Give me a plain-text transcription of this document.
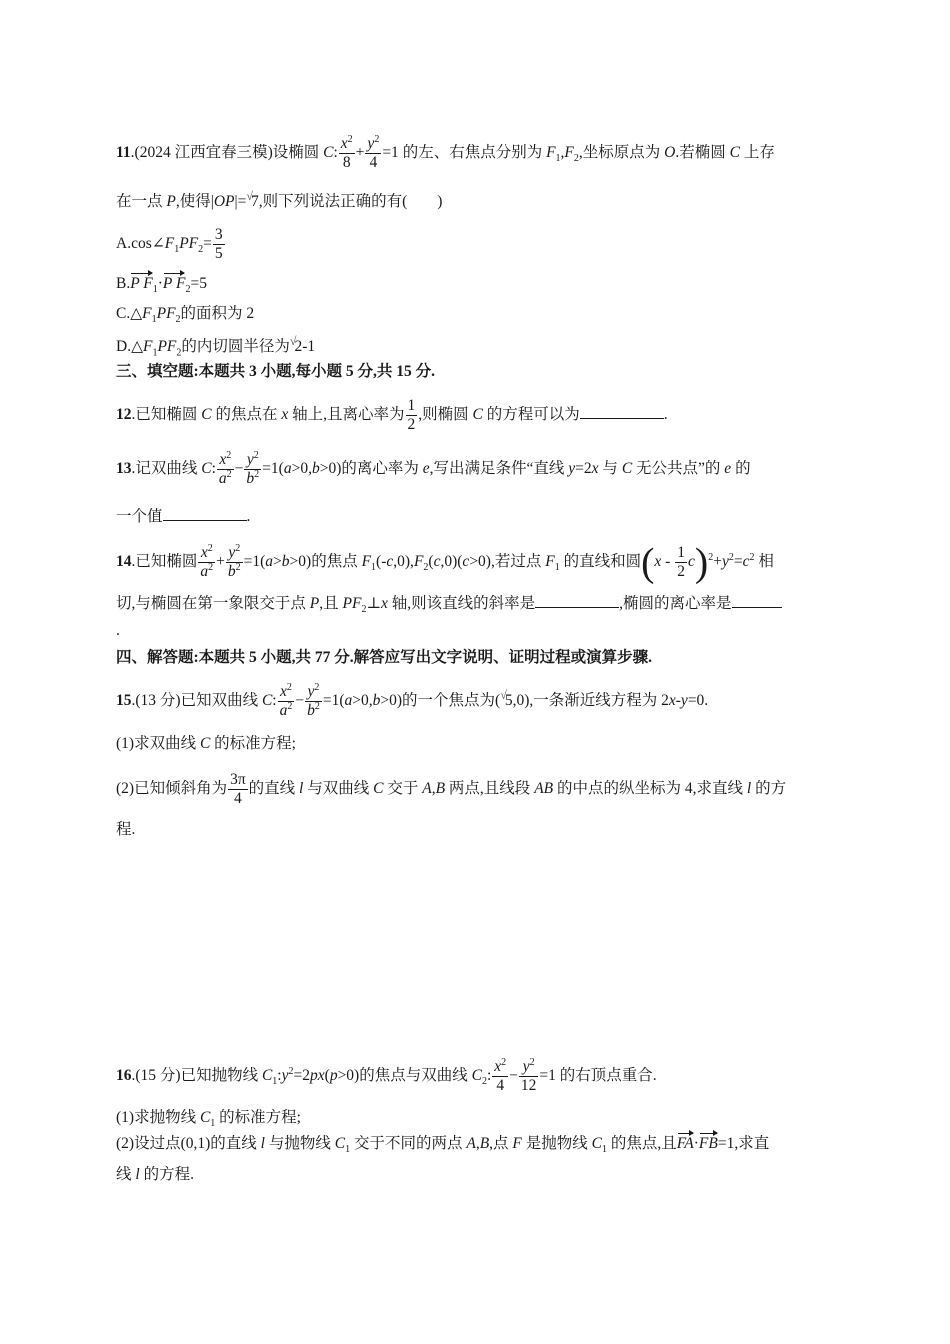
11.(2024 江西宜春三模)设椭圆 C: $\frac{x^2}{8} + \frac{y^2}{4} =1$ 的左、右焦点分别为 $F_1,F_2$,坐标原点为 O.若椭圆 C 上存
在一点 P,使得|OP|=√7,则下列说法正确的有( )
$A.\cos\angle F_1PF_2= \frac{3}{5}$
B.P $F_1\cdot P$ $F_2=5$
$C.\triangle F_1PF_2$的面积为 2
$D.\triangle F_1PF_2$的内切圆半径为√2-1
三、填空题:本题共 3 小题,每小题 5 分,共 15 分.
12.已知椭圆 C 的焦点在 x 轴上,且离心率为 $\frac{1}{2}$ ,则椭圆 C 的方程可以为	.
13.记双曲线 C: $\frac{x^2}{a^2} - \frac{y^2}{b^2} =1(a>0,b>0)$的离心率为 e,写出满足条件“直线 y=2x 与 C 无公共点”的 e 的
一个值	.
14.已知椭圆 $\frac{x^2}{a^2} + \frac{y^2}{b^2} =1(a>b>0)$的焦点 $F_1(-c,0),F_2(c,0)(c>0)$,若过点 $F_1$ 的直线和圆$(x - \frac{1}{2} c)^2+y^2=c^2$ 相
切,与椭圆在第一象限交于点 P,且 $PF_2\perp x$ 轴,则该直线的斜率是	,椭圆的离心率是
.
四、解答题:本题共 5 小题,共 77 分.解答应写出文字说明、证明过程或演算步骤.
15.(13 分)已知双曲线 C: $\frac{x^2}{a^2} - \frac{y^2}{b^2} =1(a>0,b>0)$的一个焦点为(√5,0),一条渐近线方程为 2x-y=0.
(1)求双曲线 C 的标准方程;
(2)已知倾斜角为 $\frac{3\pi}{4}$ 的直线 l 与双曲线 C 交于 A,B 两点,且线段 AB 的中点的纵坐标为 4,求直线 l 的方
程.
16.(15 分)已知抛物线 $C_1:y^2=2px(p>0)$的焦点与双曲线 $C_2$: $\frac{x^2}{4} - \frac{y^2}{12} =1$ 的右顶点重合.
(1)求抛物线 $C_1$ 的标准方程;
(2)设过点(0,1)的直线 l 与抛物线 $C_1$ 交于不同的两点 A,B,点 F 是抛物线 $C_1$ 的焦点,且FA·FB=1,求直
线 l 的方程.
